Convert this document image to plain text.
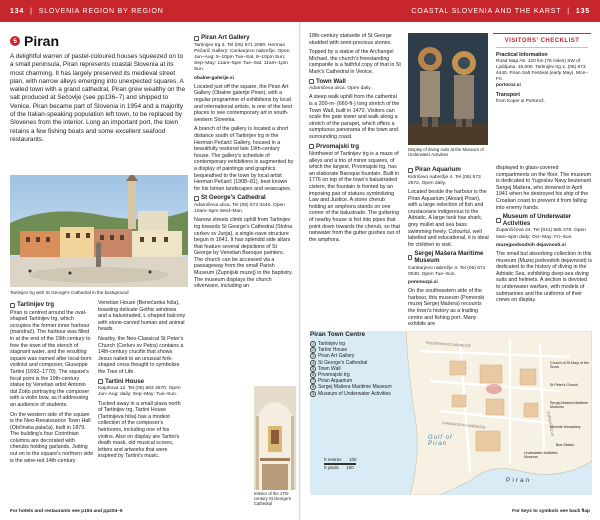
134 | SLOVENIA REGION BY REGION	COASTAL SLOVENIA AND THE KARST | 135
5 Piran

A delightful warren of pastel-coloured houses squeezed on to a small peninsula, Piran represents coastal Slovenia at its most charming. It has largely preserved its medieval street plan, with narrow alleys emerging into unexpected squares. A walled town with a grand cathedral, Piran grew wealthy on the salt produced at Sečovlje (see pp136–7) and shipped to Venice. Piran became part of Slovenia in 1954 and a majority of the Italian-speaking population left town, to be replaced by Slovenes from the interior. Long an important port, the town retains a few fishing boats and some excellent seafood restaurants.

Tartinijev trg with St George's Cathedral in the background
Tartinijev trg

Piran is centred around the oval-shaped Tartinijev trg, which occupies the former inner harbour (mandrač). The harbour was filled in at the end of the 19th century to free the town of the stench of stagnant water, and the resulting square was named after local-born violinist and composer, Giuseppe Tartini (1692–1770). The square's focal point is the 19th-century statue by Venetian artist Antonio dal Zotto portraying the composer with a violin bow, as if addressing an audience of students.

On the western side of the square is the Neo-Renaissance Town Hall (Občinska palača), built in 1879. The building's four Corinthian columns are decorated with cherubs holding garlands. Jutting out on to the square's northern side is the wine-red 14th-century

Venetian House (Benečanka hiša), boasting delicate Gothic windows and a balustraded, L-shaped balcony with stone-carved human and animal heads.

Nearby, the Neo-Classical St Peter's Church (Cerkev sv Petra) contains a 14th-century crucifix that shows Jesus nailed to an unusual fork-shaped cross thought to symbolize the Tree of Life.

Tartini House
Kajuhova 12. Tel (05) 663 3570. Open Jun–Aug: daily; Sep–May: Tue–Sun.

Tucked away in a small plaza north of Tartinijev trg, Tartini House (Tartinijeva hiša) has a modest collection of the composer's heirlooms, including one of his violins. Also on display are Tartini's death mask, old musical scores, letters and artworks that were inspired by Tartini's music.

Piran Art Gallery
Tartinijev trg 3. Tel (05) 671 2080. Herman Pečarič Gallery: Cankarjevo nabrežje. Open Jun–Aug: 5–10pm Tue–Sat, 8–10pm Sun; Sep–May: 11am–5pm Tue–Sat, 11am–1pm Sun.
obalne-galerije.si

Located just off the square, the Piran Art Gallery (Obalne galerije Piran), with a regular programme of exhibitions by local and international artists, is one of the best places to see contemporary art in south-western Slovenia.

A branch of the gallery is located a short distance south of Tartinijev trg in the Herman Pečarič Gallery, housed in a beautifully restored late 19th-century house. The gallery's schedule of contemporary exhibitions is augmented by a display of paintings and graphics bequeathed to the town by local artist Herman Pečarič (1908–81), best known for his Istrian landscapes and seascapes.

St George's Cathedral
Adamičeva ulica. Tel (05) 673 3440. Open 10am–5pm Wed–Mon.

Narrow streets climb uphill from Tartinijev trg towards St George's Cathedral (Stolna cerkev sv Jurija), a single-nave structure begun in 1641. It has splendid side altars that feature several depictions of St George by Venetian Baroque painters. The church can be accessed via a passageway from the small Parish Museum (Župnijski muzej) in the baptistry. The museum displays the church silverware, including an

Interior of the 17th-century St George's Cathedral

18th-century statuette of St George studded with semi-precious stones.

Topped by a statue of the Archangel Michael, the church's freestanding campanile is a faithful copy of that in St Mark's Cathedral in Venice.

Town Wall
Adamičeva ulica. Open daily.

A steep walk uphill from the cathedral is a 200-m- (660-ft-) long stretch of the Town Wall, built in 1470. Visitors can scale the gate tower and walk along a stretch of the parapet, which offers a sumptuous panorama of the town and surrounding coast.

Prvomajski trg

Northwest of Tartinijev trg is a maze of alleys and a trio of minor squares, of which the largest, Prvomajski trg, has an elaborate Baroque fountain. Built in 1776 on top of the town's balustraded cistern, the fountain is fronted by an imposing pair of statues symbolizing Law and Justice. A stone cherub holding an amphora stands on one corner of the balustrade. The guttering of nearby house is fed into pipes that point down towards the cherub, so that rainwater from the gutter gushes out of the amphora.

Display of diving suits at the Museum of Underwater Activities
Piran Aquarium
Kidričevo nabrežje 4. Tel (05) 673 2572. Open daily.

Located beside the harbour is the Piran Aquarium (Akvarij Piran), with a large selection of fish and crustaceans indigenous to the Adriatic. A large tank has shark, grey mullet and sea bass swimming freely. Colourful, well labelled and educational, it is ideal for children to visit.

Sergej Mašera Maritime Museum
Cankarjevo nabrežje 3. Tel (05) 671 0040. Open Tue–Sun.
pommuzpi.si

On the southeastern side of the harbour, this museum (Pomorski muzej Sergej Mašera) recounts the town's history as a trading centre and fishing port. Many exhibits are

VISITORS' CHECKLIST
Practical Information

Road Map A5. 120 km (75 miles) SW of Ljubljana. 16,000. Tartinijev trg 2, (05) 673 4440. Piran Salt Festival (early May). Mon–Fri.

portoroz.si

Transport

from Koper & Portorož.

displayed in glass-covered compartments on the floor. The museum is dedicated to Yugoslav Navy lieutenant Sergej Mašera, who drowned in April 1941 when he destroyed his ship of the Croatian coast to prevent it from falling into enemy hands.

Museum of Underwater Activities
Župančičeva 24. Tel (041) 685 379. Open 9am–6pm daily; Oct–May: Fri–Sun.
muzejpodvodnih dejavnosti.si

The small but absorbing collection in this museum (Muzej podvodnih dejavnosti) is dedicated to the history of diving in the Adriatic Sea, exhibiting deep-sea diving suits and helmets. A section is devoted to underwater warfare, with models of submarines and the uniforms of their crews on display.

Piran Town Centre
1 Tartinijev trg
2 Tartini House
3 Piran Art Gallery
4 St George's Cathedral
5 Town Wall
6 Prvomajski trg
7 Piran Aquarium
8 Sergej Mašera Maritime Museum
9 Museum of Underwater Activities
0 metres      100
0 yards      100
Gulf of Piran
Piran
PREŠERNOVO NABREŽJE
CANKARJEVO NABREŽJE	ZUPANČIČEVA
Church of St Mary of the Snow
St Peter's Church
Sergej Mašera Maritime Museum
Underwater Activities Museum
Bus Station
Minorite Monastery
For hotels and restaurants see p194 and pp204–5	For keys to symbols see back flap
